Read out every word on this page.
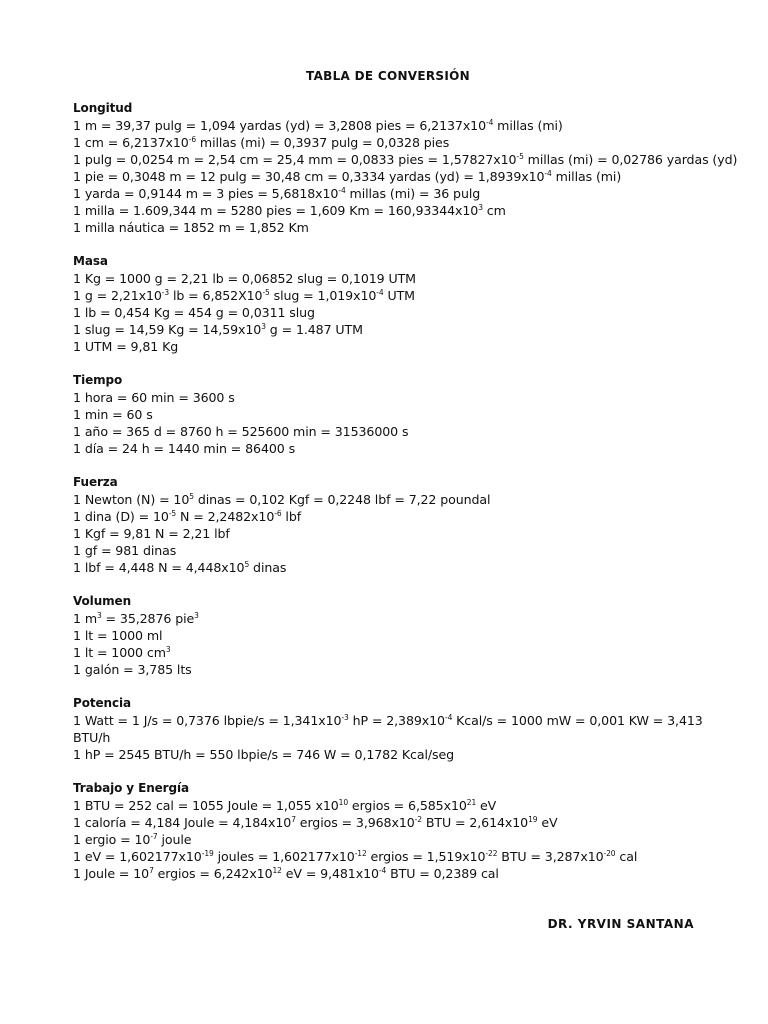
TABLA DE CONVERSIÓN
Longitud
1 m = 39,37 pulg = 1,094 yardas (yd) = 3,2808 pies = $6,2137x10^{-4}$ millas (mi)
1 cm = $6,2137x10^{-6}$ millas (mi) = 0,3937 pulg = 0,0328 pies
1 pulg = 0,0254 m = 2,54 cm = 25,4 mm = 0,0833 pies = $1,57827x10^{-5}$ millas (mi) = 0,02786 yardas (yd)
1 pie = 0,3048 m = 12 pulg = 30,48 cm = 0,3334 yardas $(yd) = 1,8939x10^{-4}$ millas (mi)
1 yarda = 0,9144 m = 3 pies = $5,6818x10^{-4}$ millas (mi) = 36 pulg
1 milla = 1.609,344 m = 5280 pies = 1,609 $Km = 160,93344x10^3$ cm
1 milla náutica = 1852 m = 1,852 Km
Masa
1 Kg = 1000 g = 2,21 lb = 0,06852 slug = 0,1019 UTM
1 $g = 2,21x10^{-3}$ lb = $6,852X10^{-5}$ slug = $1,019x10^{-4}$ UTM
1 lb = 0,454 Kg = 454 g = 0,0311 slug
1 slug = 14,59 $Kg = 14,59x10^3$ g = 1.487 UTM
1 UTM = 9,81 Kg
Tiempo
1 hora = 60 min = 3600 s
1 min = 60 s
1 año = 365 d = 8760 h = 525600 min = 31536000 s
1 día = 24 h = 1440 min = 86400 s
Fuerza
1 Newton $(N) = 10^5$ dinas = 0,102 Kgf = 0,2248 lbf = 7,22 poundal
1 dina $(D) = 10^{-5}$ $N = 2,2482x10^{-6}$ lbf
1 Kgf = 9,81 N = 2,21 lbf
1 gf = 981 dinas
1 lbf = 4,448 $N = 4,448x10^5$ dinas
Volumen
1 $m^3 = 35,2876$ pie$^3$
1 lt = 1000 ml
1 lt = 1000 $cm^3$
1 galón = 3,785 lts
Potencia
1 Watt = 1 J/s = 0,7376 lbpie/s = $1,341x10^{-3}$ hP = $2,389x10^{-4}$ Kcal/s = 1000 mW = 0,001 KW = 3,413 BTU/h
1 hP = 2545 BTU/h = 550 lbpie/s = 746 W = 0,1782 Kcal/seg
Trabajo y Energía
1 BTU = 252 cal = 1055 Joule = 1,055 $x10^{10}$ ergios = $6,585x10^{21}$ eV
1 caloría = 4,184 Joule = $4,184x10^7$ ergios = $3,968x10^{-2}$ BTU = $2,614x10^{19}$ eV
1 ergio = $10^{-7}$ joule
1 eV = $1,602177x10^{-19}$ joules = $1,602177x10^{-12}$ ergios = $1,519x10^{-22}$ BTU = $3,287x10^{-20}$ cal
1 Joule = $10^7$ ergios = $6,242x10^{12}$ eV = $9,481x10^{-4}$ BTU = 0,2389 cal
DR. YRVIN SANTANA
